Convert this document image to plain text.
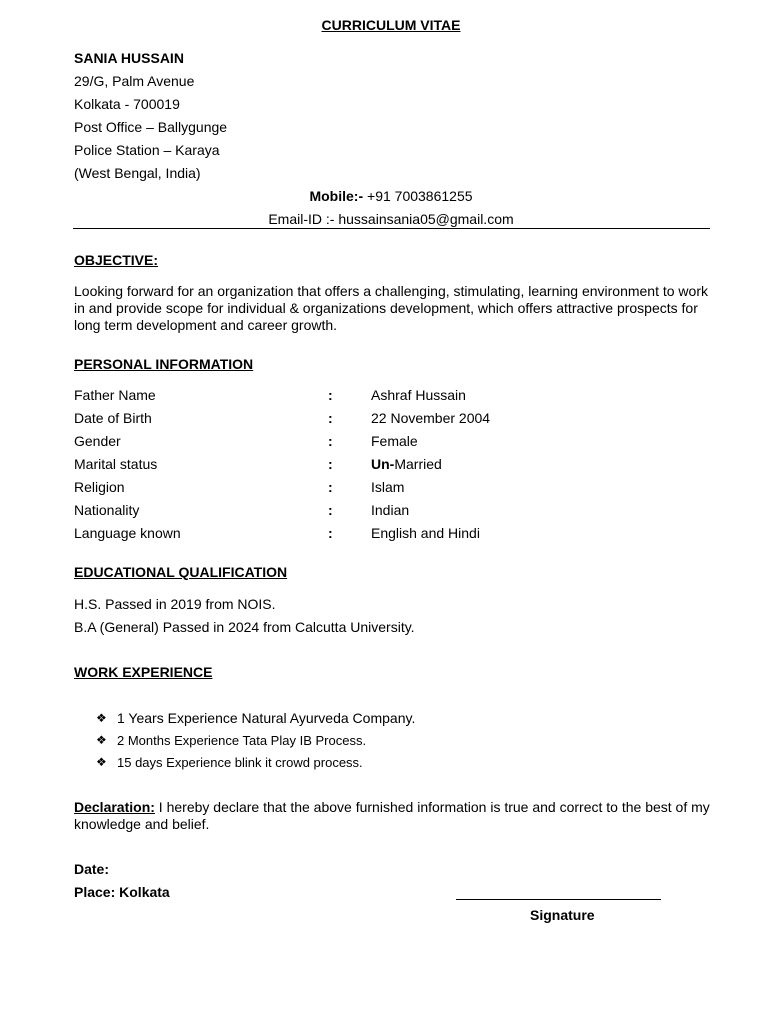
CURRICULUM VITAE
SANIA HUSSAIN
29/G, Palm Avenue
Kolkata - 700019
Post Office – Ballygunge
Police Station – Karaya
(West Bengal, India)
Mobile:- +91 7003861255
Email-ID :- hussainsania05@gmail.com
OBJECTIVE:
Looking forward for an organization that offers a challenging, stimulating, learning environment to work in and provide scope for individual & organizations development, which offers attractive prospects for long term development and career growth.
PERSONAL INFORMATION
Father Name	:	Ashraf Hussain
Date of Birth	:	22 November 2004
Gender	:	Female
Marital status	:	Un-Married
Religion	:	Islam
Nationality	:	Indian
Language known	:	English and Hindi
EDUCATIONAL QUALIFICATION
H.S. Passed in 2019 from NOIS.
B.A (General) Passed in 2024 from Calcutta University.
WORK EXPERIENCE
❖ 1 Years Experience Natural Ayurveda Company.
❖ 2 Months Experience Tata Play IB Process.
❖ 15 days Experience blink it crowd process.
Declaration: I hereby declare that the above furnished information is true and correct to the best of my knowledge and belief.
Date:
Place: Kolkata
Signature
